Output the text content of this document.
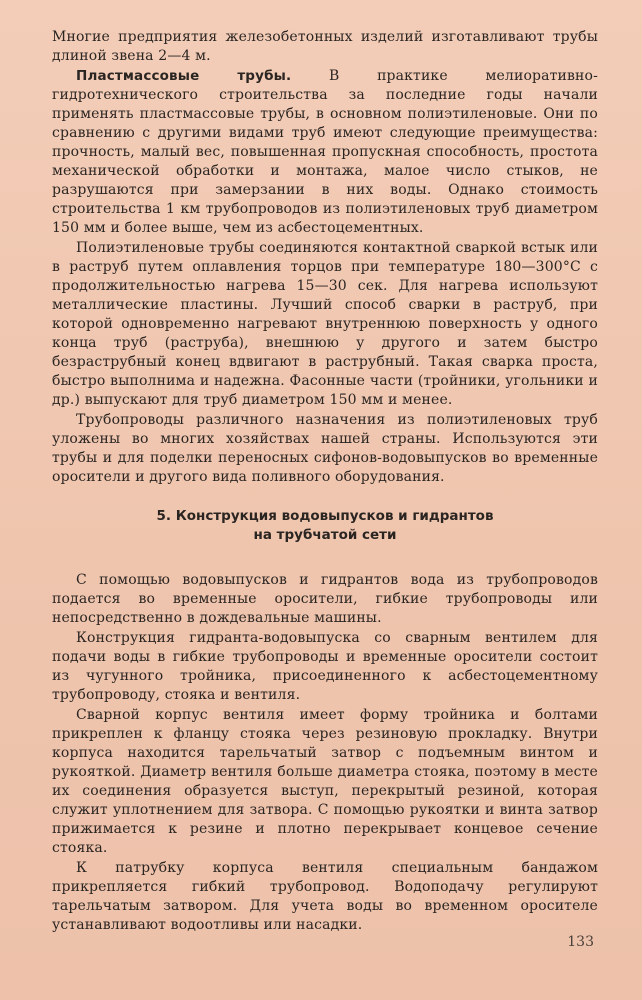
Многие предприятия железобетонных изделий изготавливают трубы длиной звена 2—4 м.

Пластмассовые трубы. В практике мелиоративно-гидротехнического строительства за последние годы начали применять пластмассовые трубы, в основном полиэтиленовые. Они по сравнению с другими видами труб имеют следующие преимущества: прочность, малый вес, повышенная пропускная способность, простота механической обработки и монтажа, малое число стыков, не разрушаются при замерзании в них воды. Однако стоимость строительства 1 км трубопроводов из полиэтиленовых труб диаметром 150 мм и более выше, чем из асбестоцементных.

Полиэтиленовые трубы соединяются контактной сваркой встык или в раструб путем оплавления торцов при температуре 180—300°C с продолжительностью нагрева 15—30 сек. Для нагрева используют металлические пластины. Лучший способ сварки в раструб, при которой одновременно нагревают внутреннюю поверхность у одного конца труб (раструба), внешнюю у другого и затем быстро безраструбный конец вдвигают в раструбный. Такая сварка проста, быстро выполнима и надежна. Фасонные части (тройники, угольники и др.) выпускают для труб диаметром 150 мм и менее.

Трубопроводы различного назначения из полиэтиленовых труб уложены во многих хозяйствах нашей страны. Используются эти трубы и для поделки переносных сифонов-водовыпусков во временные оросители и другого вида поливного оборудования.

5. Конструкция водовыпусков и гидрантов
на трубчатой сети

С помощью водовыпусков и гидрантов вода из трубопроводов подается во временные оросители, гибкие трубопроводы или непосредственно в дождевальные машины.

Конструкция гидранта-водовыпуска со сварным вентилем для подачи воды в гибкие трубопроводы и временные оросители состоит из чугунного тройника, присоединенного к асбестоцементному трубопроводу, стояка и вентиля.

Сварной корпус вентиля имеет форму тройника и болтами прикреплен к фланцу стояка через резиновую прокладку. Внутри корпуса находится тарельчатый затвор с подъемным винтом и рукояткой. Диаметр вентиля больше диаметра стояка, поэтому в месте их соединения образуется выступ, перекрытый резиной, которая служит уплотнением для затвора. С помощью рукоятки и винта затвор прижимается к резине и плотно перекрывает концевое сечение стояка.

К патрубку корпуса вентиля специальным бандажом прикрепляется гибкий трубопровод. Водоподачу регулируют тарельчатым затвором. Для учета воды во временном оросителе устанавливают водоотливы или насадки.

133
